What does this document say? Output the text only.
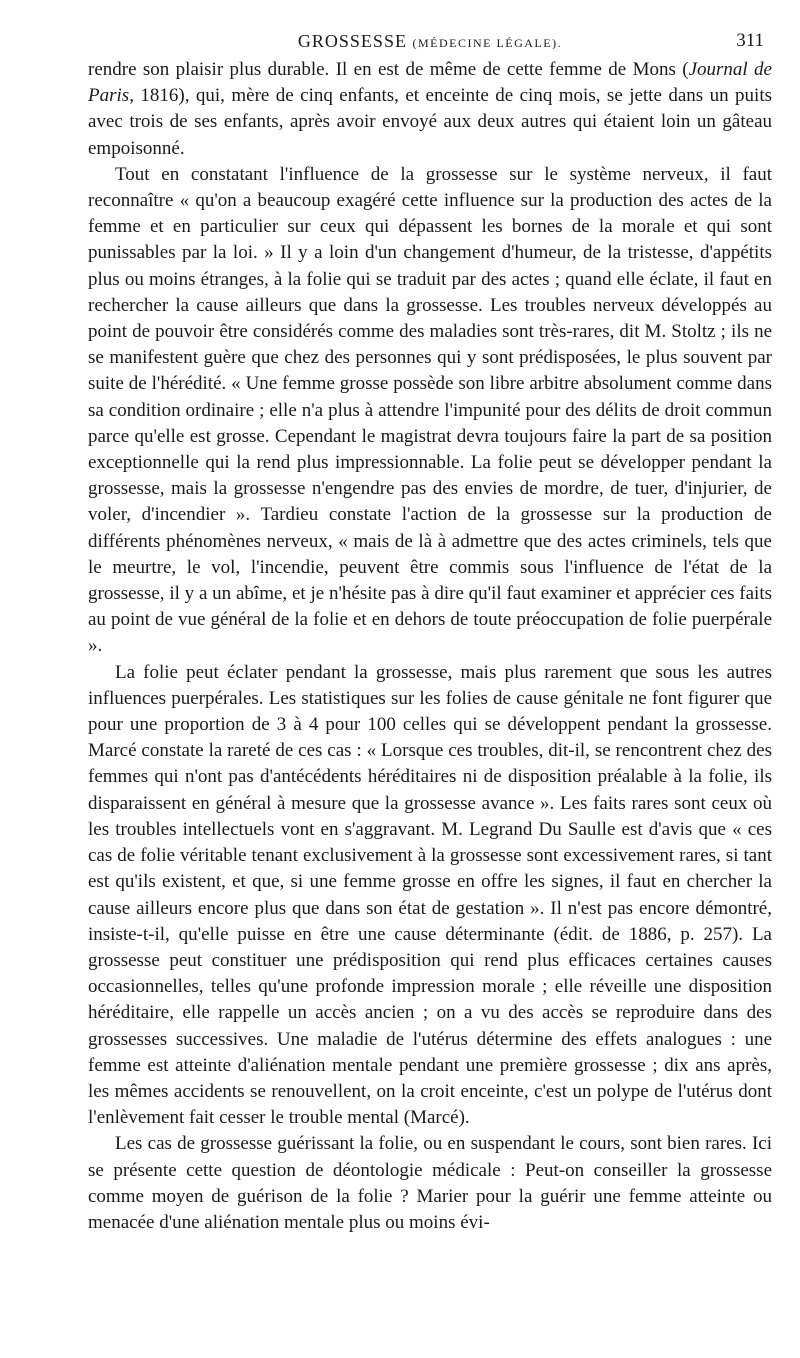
GROSSESSE (MÉDECINE LÉGALE).	311

rendre son plaisir plus durable. Il en est de même de cette femme de Mons (Journal de Paris, 1816), qui, mère de cinq enfants, et enceinte de cinq mois, se jette dans un puits avec trois de ses enfants, après avoir envoyé aux deux autres qui étaient loin un gâteau empoisonné.

Tout en constatant l'influence de la grossesse sur le système nerveux, il faut reconnaître « qu'on a beaucoup exagéré cette influence sur la production des actes de la femme et en particulier sur ceux qui dépassent les bornes de la morale et qui sont punissables par la loi. » Il y a loin d'un changement d'humeur, de la tristesse, d'appétits plus ou moins étranges, à la folie qui se traduit par des actes ; quand elle éclate, il faut en rechercher la cause ailleurs que dans la grossesse. Les troubles nerveux développés au point de pouvoir être considérés comme des maladies sont très-rares, dit M. Stoltz ; ils ne se manifestent guère que chez des personnes qui y sont prédisposées, le plus souvent par suite de l'hérédité. « Une femme grosse possède son libre arbitre absolument comme dans sa condition ordinaire ; elle n'a plus à attendre l'impunité pour des délits de droit commun parce qu'elle est grosse. Cependant le magistrat devra toujours faire la part de sa position exceptionnelle qui la rend plus impressionnable. La folie peut se développer pendant la grossesse, mais la grossesse n'engendre pas des envies de mordre, de tuer, d'injurier, de voler, d'incendier ». Tardieu constate l'action de la grossesse sur la production de différents phénomènes nerveux, « mais de là à admettre que des actes criminels, tels que le meurtre, le vol, l'incendie, peuvent être commis sous l'influence de l'état de la grossesse, il y a un abîme, et je n'hésite pas à dire qu'il faut examiner et apprécier ces faits au point de vue général de la folie et en dehors de toute préoccupation de folie puerpérale ».

La folie peut éclater pendant la grossesse, mais plus rarement que sous les autres influences puerpérales. Les statistiques sur les folies de cause génitale ne font figurer que pour une proportion de 3 à 4 pour 100 celles qui se développent pendant la grossesse. Marcé constate la rareté de ces cas : « Lorsque ces troubles, dit-il, se rencontrent chez des femmes qui n'ont pas d'antécédents héréditaires ni de disposition préalable à la folie, ils disparaissent en général à mesure que la grossesse avance ». Les faits rares sont ceux où les troubles intellectuels vont en s'aggravant. M. Legrand Du Saulle est d'avis que « ces cas de folie véritable tenant exclusivement à la grossesse sont excessivement rares, si tant est qu'ils existent, et que, si une femme grosse en offre les signes, il faut en chercher la cause ailleurs encore plus que dans son état de gestation ». Il n'est pas encore démontré, insiste-t-il, qu'elle puisse en être une cause déterminante (édit. de 1886, p. 257). La grossesse peut constituer une prédisposition qui rend plus efficaces certaines causes occasionnelles, telles qu'une profonde impression morale ; elle réveille une disposition héréditaire, elle rappelle un accès ancien ; on a vu des accès se reproduire dans des grossesses successives. Une maladie de l'utérus détermine des effets analogues : une femme est atteinte d'aliénation mentale pendant une première grossesse ; dix ans après, les mêmes accidents se renouvellent, on la croit enceinte, c'est un polype de l'utérus dont l'enlèvement fait cesser le trouble mental (Marcé).

Les cas de grossesse guérissant la folie, ou en suspendant le cours, sont bien rares. Ici se présente cette question de déontologie médicale : Peut-on conseiller la grossesse comme moyen de guérison de la folie ? Marier pour la guérir une femme atteinte ou menacée d'une aliénation mentale plus ou moins évi-
